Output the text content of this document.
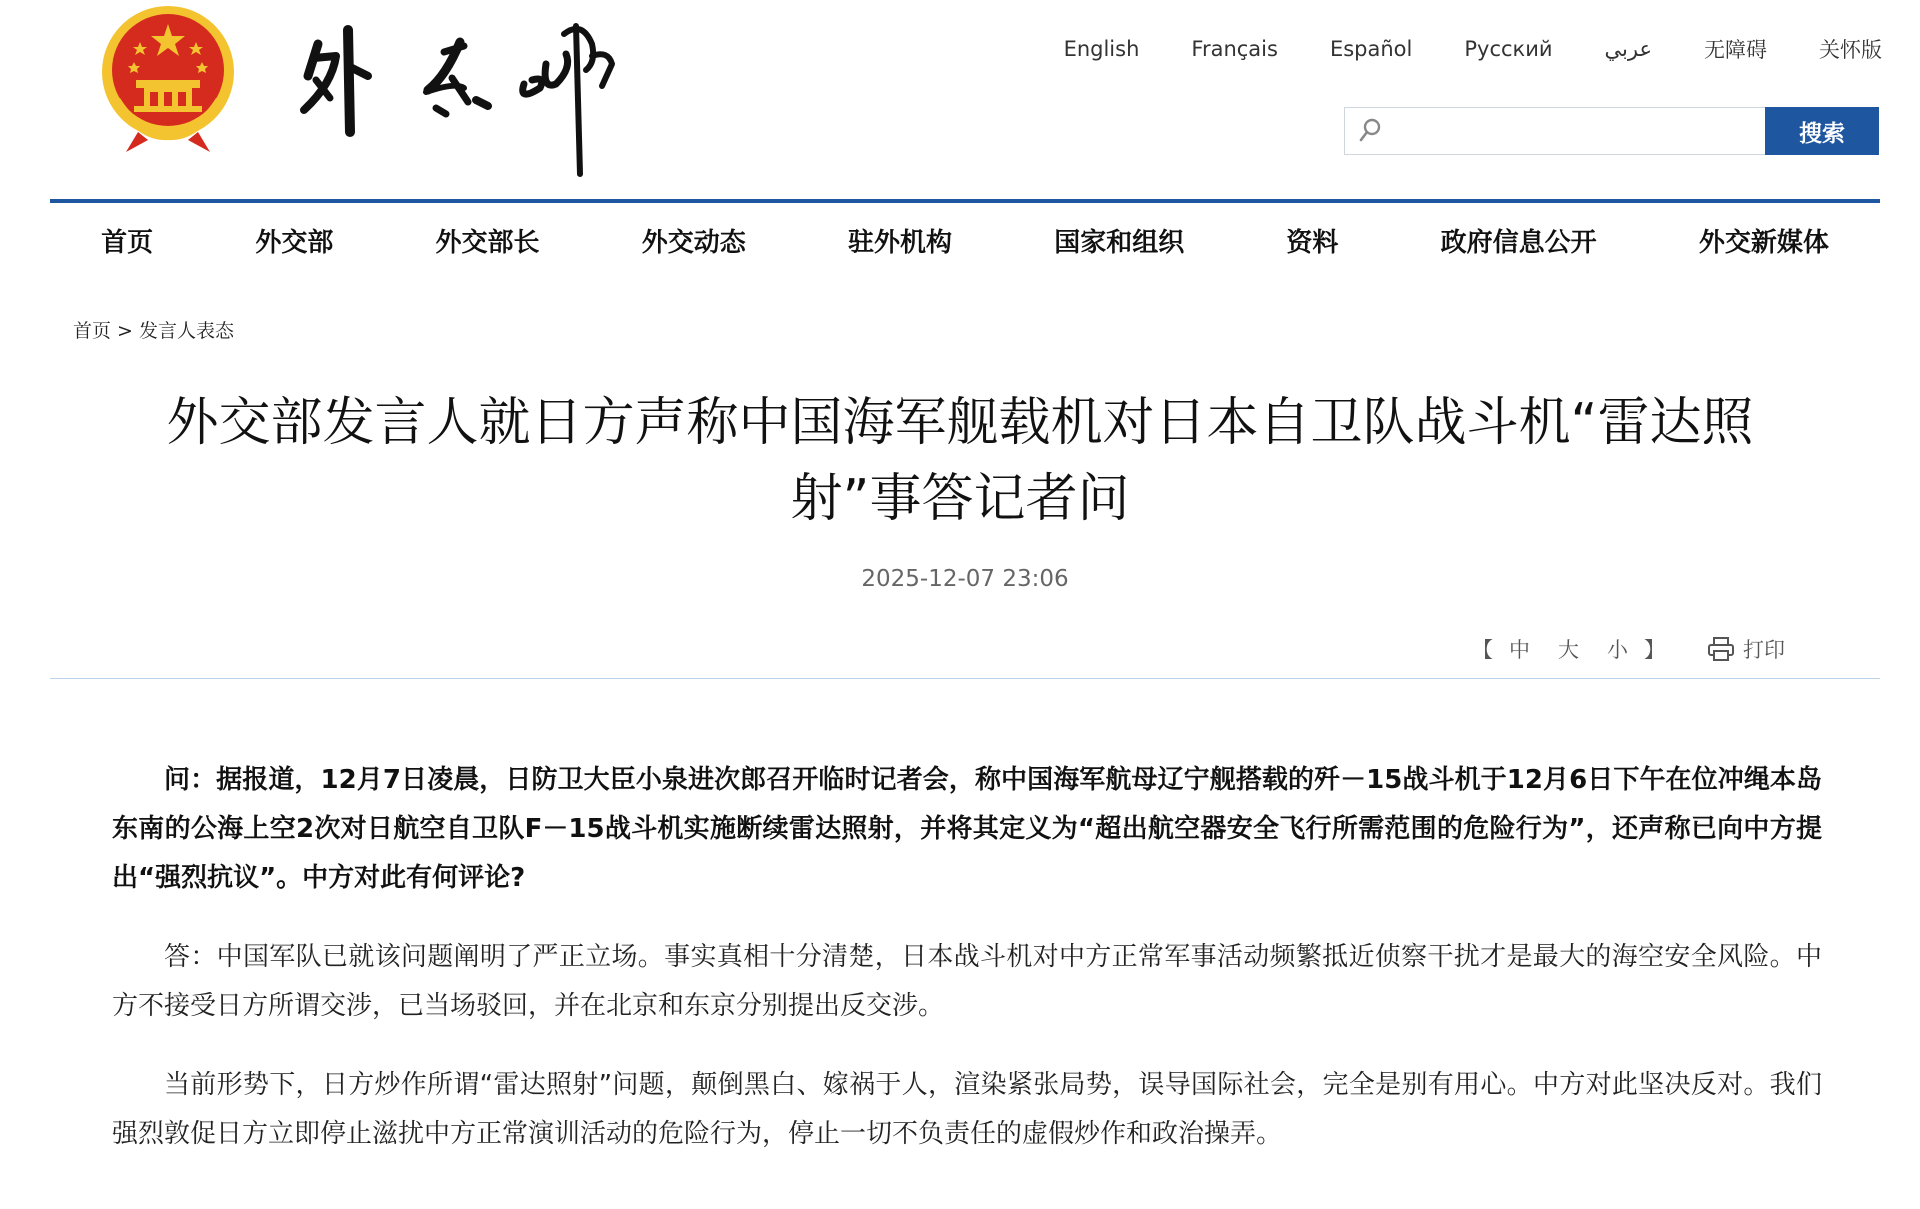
English Français Español Русский عربي 无障碍 关怀版
搜索
首页	外交部	外交部长	外交动态	驻外机构	国家和组织	资料	政府信息公开	外交新媒体
首页 > 发言人表态
外交部发言人就日方声称中国海军舰载机对日本自卫队战斗机“雷达照射”事答记者问
2025-12-07 23:06
【 中 大 小 】	打印

问：据报道，12月7日凌晨，日防卫大臣小泉进次郎召开临时记者会，称中国海军航母辽宁舰搭载的歼－15战斗机于12月6日下午在位冲绳本岛东南的公海上空2次对日航空自卫队F－15战斗机实施断续雷达照射，并将其定义为“超出航空器安全飞行所需范围的危险行为”，还声称已向中方提出“强烈抗议”。中方对此有何评论?

答：中国军队已就该问题阐明了严正立场。事实真相十分清楚，日本战斗机对中方正常军事活动频繁抵近侦察干扰才是最大的海空安全风险。中方不接受日方所谓交涉，已当场驳回，并在北京和东京分别提出反交涉。

当前形势下，日方炒作所谓“雷达照射”问题，颠倒黑白、嫁祸于人，渲染紧张局势，误导国际社会，完全是别有用心。中方对此坚决反对。我们强烈敦促日方立即停止滋扰中方正常演训活动的危险行为，停止一切不负责任的虚假炒作和政治操弄。
